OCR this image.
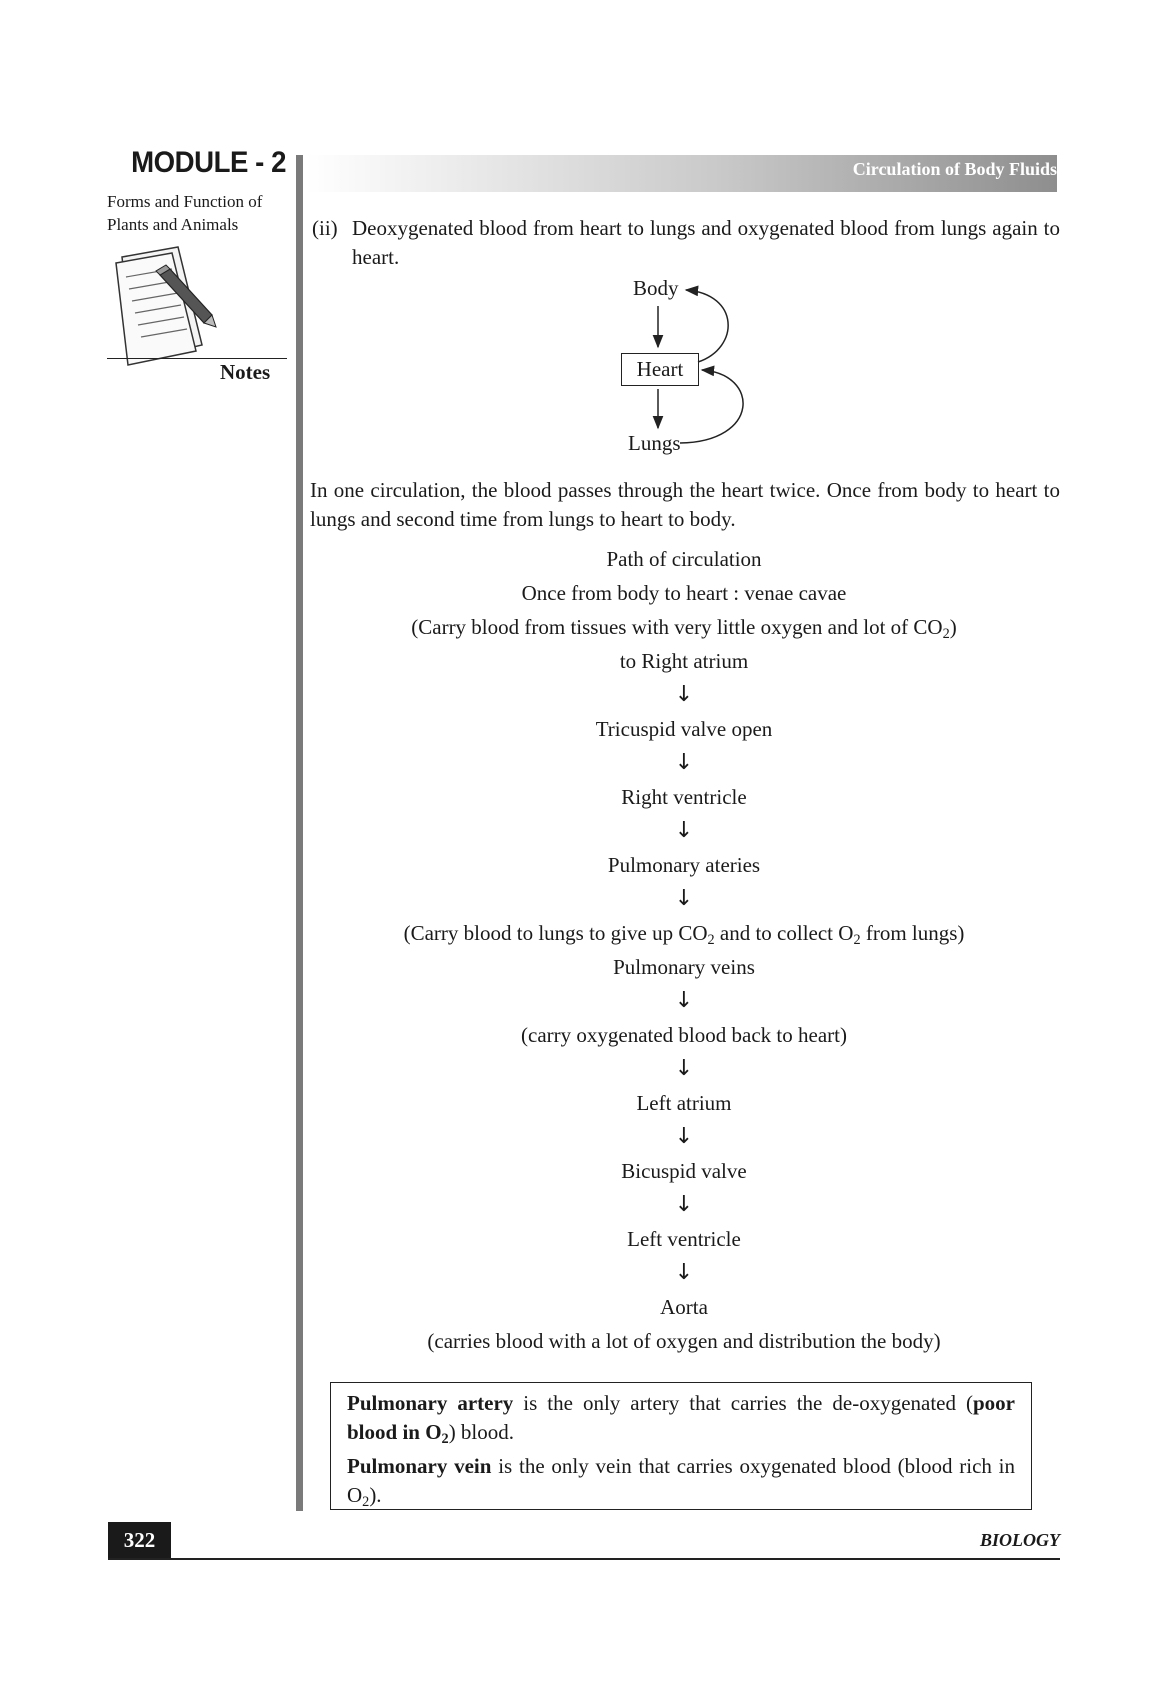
MODULE - 2
Forms and Function of
Plants and Animals
Notes
Circulation of Body Fluids
(ii) Deoxygenated blood from heart to lungs and oxygenated blood from lungs again to heart.
Body
Heart
Lungs
In one circulation, the blood passes through the heart twice. Once from body to heart to lungs and second time from lungs to heart to body.
Path of circulation
Once from body to heart : venae cavae
(Carry blood from tissues with very little oxygen and lot of $CO_2$)
to Right atrium
↓
Tricuspid valve open
↓
Right ventricle
↓
Pulmonary ateries
↓
(Carry blood to lungs to give up $CO_2$ and to collect $O_2$ from lungs)
Pulmonary veins
↓
(carry oxygenated blood back to heart)
↓
Left atrium
↓
Bicuspid valve
↓
Left ventricle
↓
Aorta
(carries blood with a lot of oxygen and distribution the body)
Pulmonary artery is the only artery that carries the de-oxygenated (poor blood in $O_2$) blood.
Pulmonary vein is the only vein that carries oxygenated blood (blood rich in $O_2$).
322	BIOLOGY
